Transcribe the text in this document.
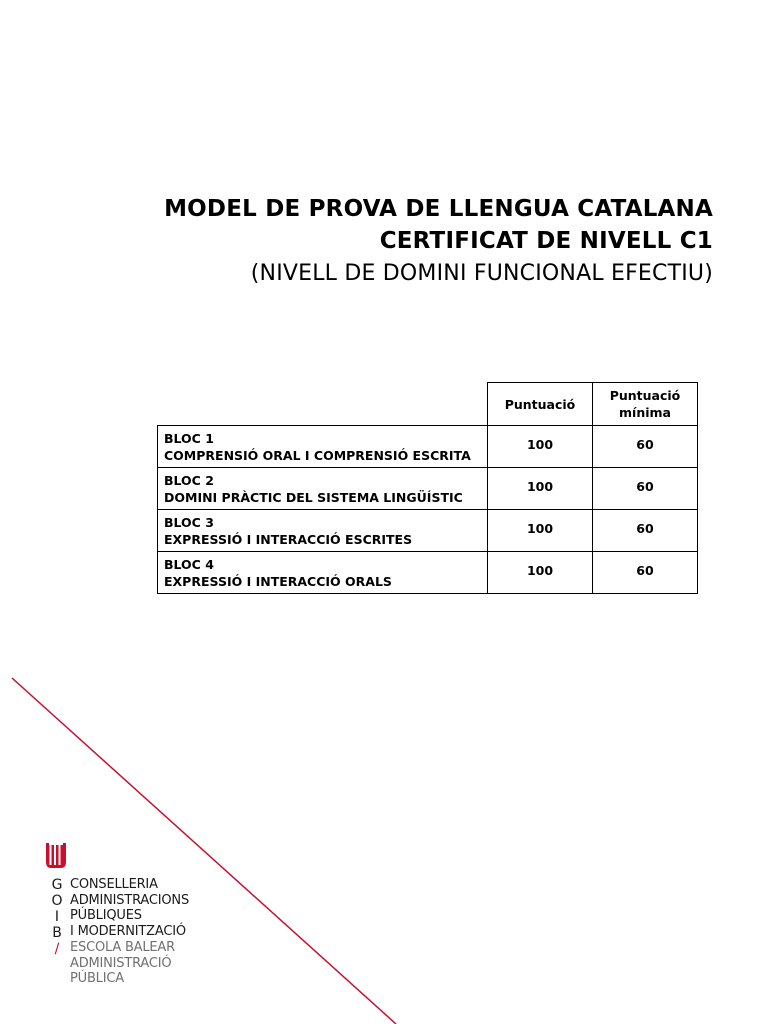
MODEL DE PROVA DE LLENGUA CATALANA
CERTIFICAT DE NIVELL C1
(NIVELL DE DOMINI FUNCIONAL EFECTIU)
	Puntuació	Puntuació
mínima
BLOC 1
COMPRENSIÓ ORAL I COMPRENSIÓ ESCRITA	100	60
BLOC 2
DOMINI PRÀCTIC DEL SISTEMA LINGÜÍSTIC	100	60
BLOC 3
EXPRESSIÓ I INTERACCIÓ ESCRITES	100	60
BLOC 4
EXPRESSIÓ I INTERACCIÓ ORALS	100	60
G
O
I
B
/
CONSELLERIA
ADMINISTRACIONS
PÚBLIQUES
I MODERNITZACIÓ
ESCOLA BALEAR
ADMINISTRACIÓ
PÚBLICA
